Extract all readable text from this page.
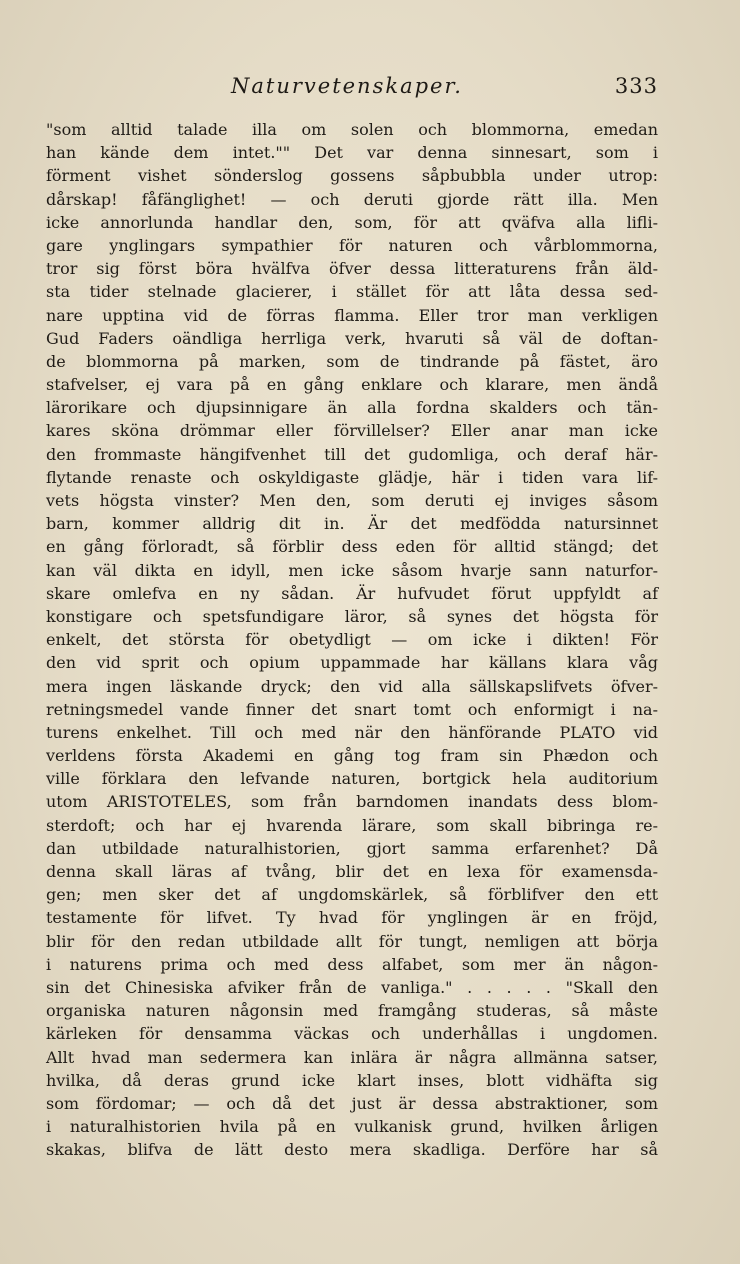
Naturvetenskaper.	333
"som alltid talade illa om solen och blommorna, emedan
han kände dem intet."" Det var denna sinnesart, som i
förment vishet sönderslog gossens såpbubbla under utrop:
dårskap! fåfänglighet! — och deruti gjorde rätt illa. Men
icke annorlunda handlar den, som, för att qväfva alla lifli-
gare ynglingars sympathier för naturen och vårblommorna,
tror sig först böra hvälfva öfver dessa litteraturens från äld-
sta tider stelnade glacierer, i stället för att låta dessa sed-
nare upptina vid de förras flamma. Eller tror man verkligen
Gud Faders oändliga herrliga verk, hvaruti så väl de doftan-
de blommorna på marken, som de tindrande på fästet, äro
stafvelser, ej vara på en gång enklare och klarare, men ändå
lärorikare och djupsinnigare än alla fordna skalders och tän-
kares sköna drömmar eller förvillelser? Eller anar man icke
den frommaste hängifvenhet till det gudomliga, och deraf här-
flytande renaste och oskyldigaste glädje, här i tiden vara lif-
vets högsta vinster? Men den, som deruti ej inviges såsom
barn, kommer alldrig dit in. Är det medfödda natursinnet
en gång förloradt, så förblir dess eden för alltid stängd; det
kan väl dikta en idyll, men icke såsom hvarje sann naturfor-
skare omlefva en ny sådan. Är hufvudet förut uppfyldt af
konstigare och spetsfundigare läror, så synes det högsta för
enkelt, det största för obetydligt — om icke i dikten! För
den vid sprit och opium uppammade har källans klara våg
mera ingen läskande dryck; den vid alla sällskapslifvets öfver-
retningsmedel vande finner det snart tomt och enformigt i na-
turens enkelhet. Till och med när den hänförande PLATO vid
verldens första Akademi en gång tog fram sin Phædon och
ville förklara den lefvande naturen, bortgick hela auditorium
utom ARISTOTELES, som från barndomen inandats dess blom-
sterdoft; och har ej hvarenda lärare, som skall bibringa re-
dan utbildade naturalhistorien, gjort samma erfarenhet? Då
denna skall läras af tvång, blir det en lexa för examensda-
gen; men sker det af ungdomskärlek, så förblifver den ett
testamente för lifvet. Ty hvad för ynglingen är en fröjd,
blir för den redan utbildade allt för tungt, nemligen att börja
i naturens prima och med dess alfabet, som mer än någon-
sin det Chinesiska afviker från de vanliga." . . . . . "Skall den
organiska naturen någonsin med framgång studeras, så måste
kärleken för densamma väckas och underhållas i ungdomen.
Allt hvad man sedermera kan inlära är några allmänna satser,
hvilka, då deras grund icke klart inses, blott vidhäfta sig
som fördomar; — och då det just är dessa abstraktioner, som
i naturalhistorien hvila på en vulkanisk grund, hvilken årligen
skakas, blifva de lätt desto mera skadliga. Derföre har så
